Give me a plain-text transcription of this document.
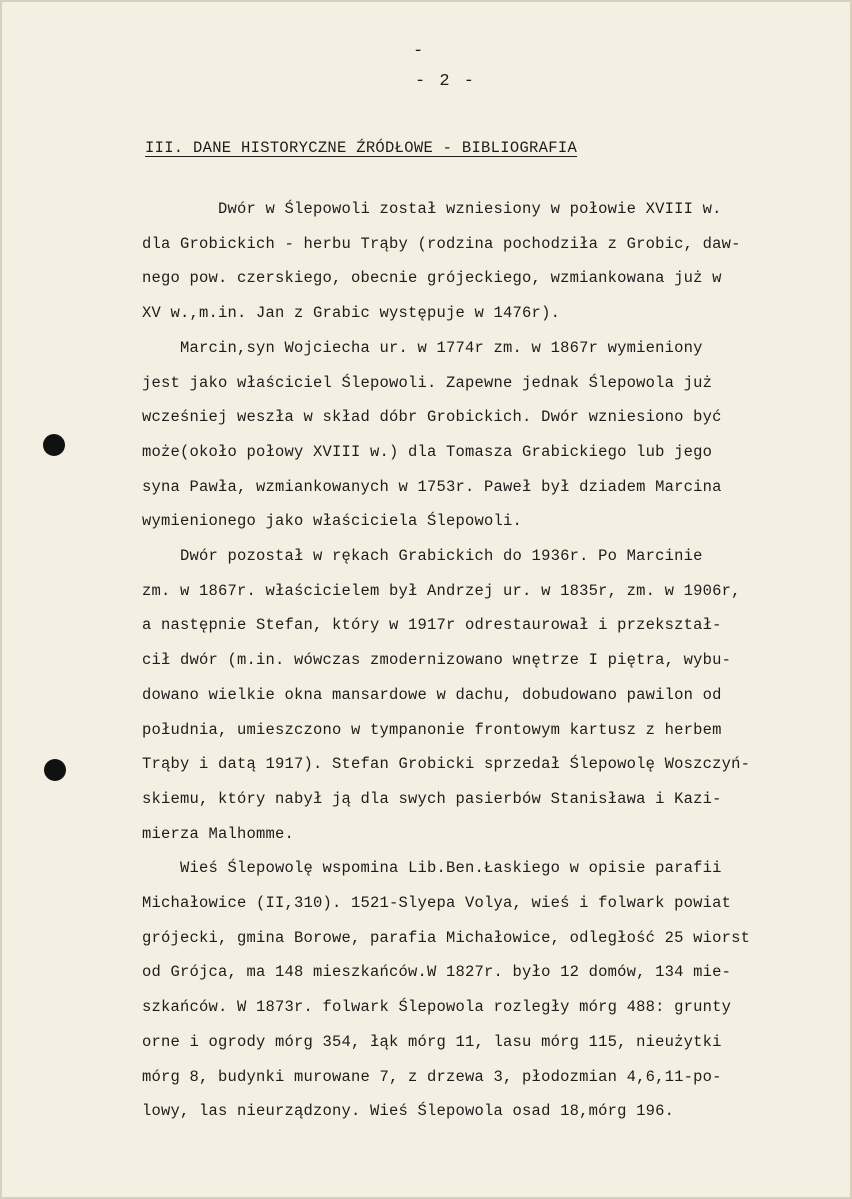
-
- 2 -
III. DANE HISTORYCZNE ŹRÓDŁOWE - BIBLIOGRAFIA
Dwór w Ślepowoli został wzniesiony w połowie XVIII w.
dla Grobickich - herbu Trąby (rodzina pochodziła z Grobic, daw-
nego pow. czerskiego, obecnie grójeckiego, wzmiankowana już w
XV w.,m.in. Jan z Grabic występuje w 1476r).
Marcin,syn Wojciecha ur. w 1774r zm. w 1867r wymieniony
jest jako właściciel Ślepowoli. Zapewne jednak Ślepowola już
wcześniej weszła w skład dóbr Grobickich. Dwór wzniesiono być
może(około połowy XVIII w.) dla Tomasza Grabickiego lub jego
syna Pawła, wzmiankowanych w 1753r. Paweł był dziadem Marcina
wymienionego jako właściciela Ślepowoli.
Dwór pozostał w rękach Grabickich do 1936r. Po Marcinie
zm. w 1867r. właścicielem był Andrzej ur. w 1835r, zm. w 1906r,
a następnie Stefan, który w 1917r odrestaurował i przekształ-
cił dwór (m.in. wówczas zmodernizowano wnętrze I piętra, wybu-
dowano wielkie okna mansardowe w dachu, dobudowano pawilon od
południa, umieszczono w tympanonie frontowym kartusz z herbem
Trąby i datą 1917). Stefan Grobicki sprzedał Ślepowolę Woszczyń-
skiemu, który nabył ją dla swych pasierbów Stanisława i Kazi-
mierza Malhomme.
Wieś Ślepowolę wspomina Lib.Ben.Łaskiego w opisie parafii
Michałowice (II,310). 1521-Slyepa Volya, wieś i folwark powiat
grójecki, gmina Borowe, parafia Michałowice, odległość 25 wiorst
od Grójca, ma 148 mieszkańców.W 1827r. było 12 domów, 134 mie-
szkańców. W 1873r. folwark Ślepowola rozległy mórg 488: grunty
orne i ogrody mórg 354, łąk mórg 11, lasu mórg 115, nieużytki
mórg 8, budynki murowane 7, z drzewa 3, płodozmian 4,6,11-po-
lowy, las nieurządzony. Wieś Ślepowola osad 18,mórg 196.
